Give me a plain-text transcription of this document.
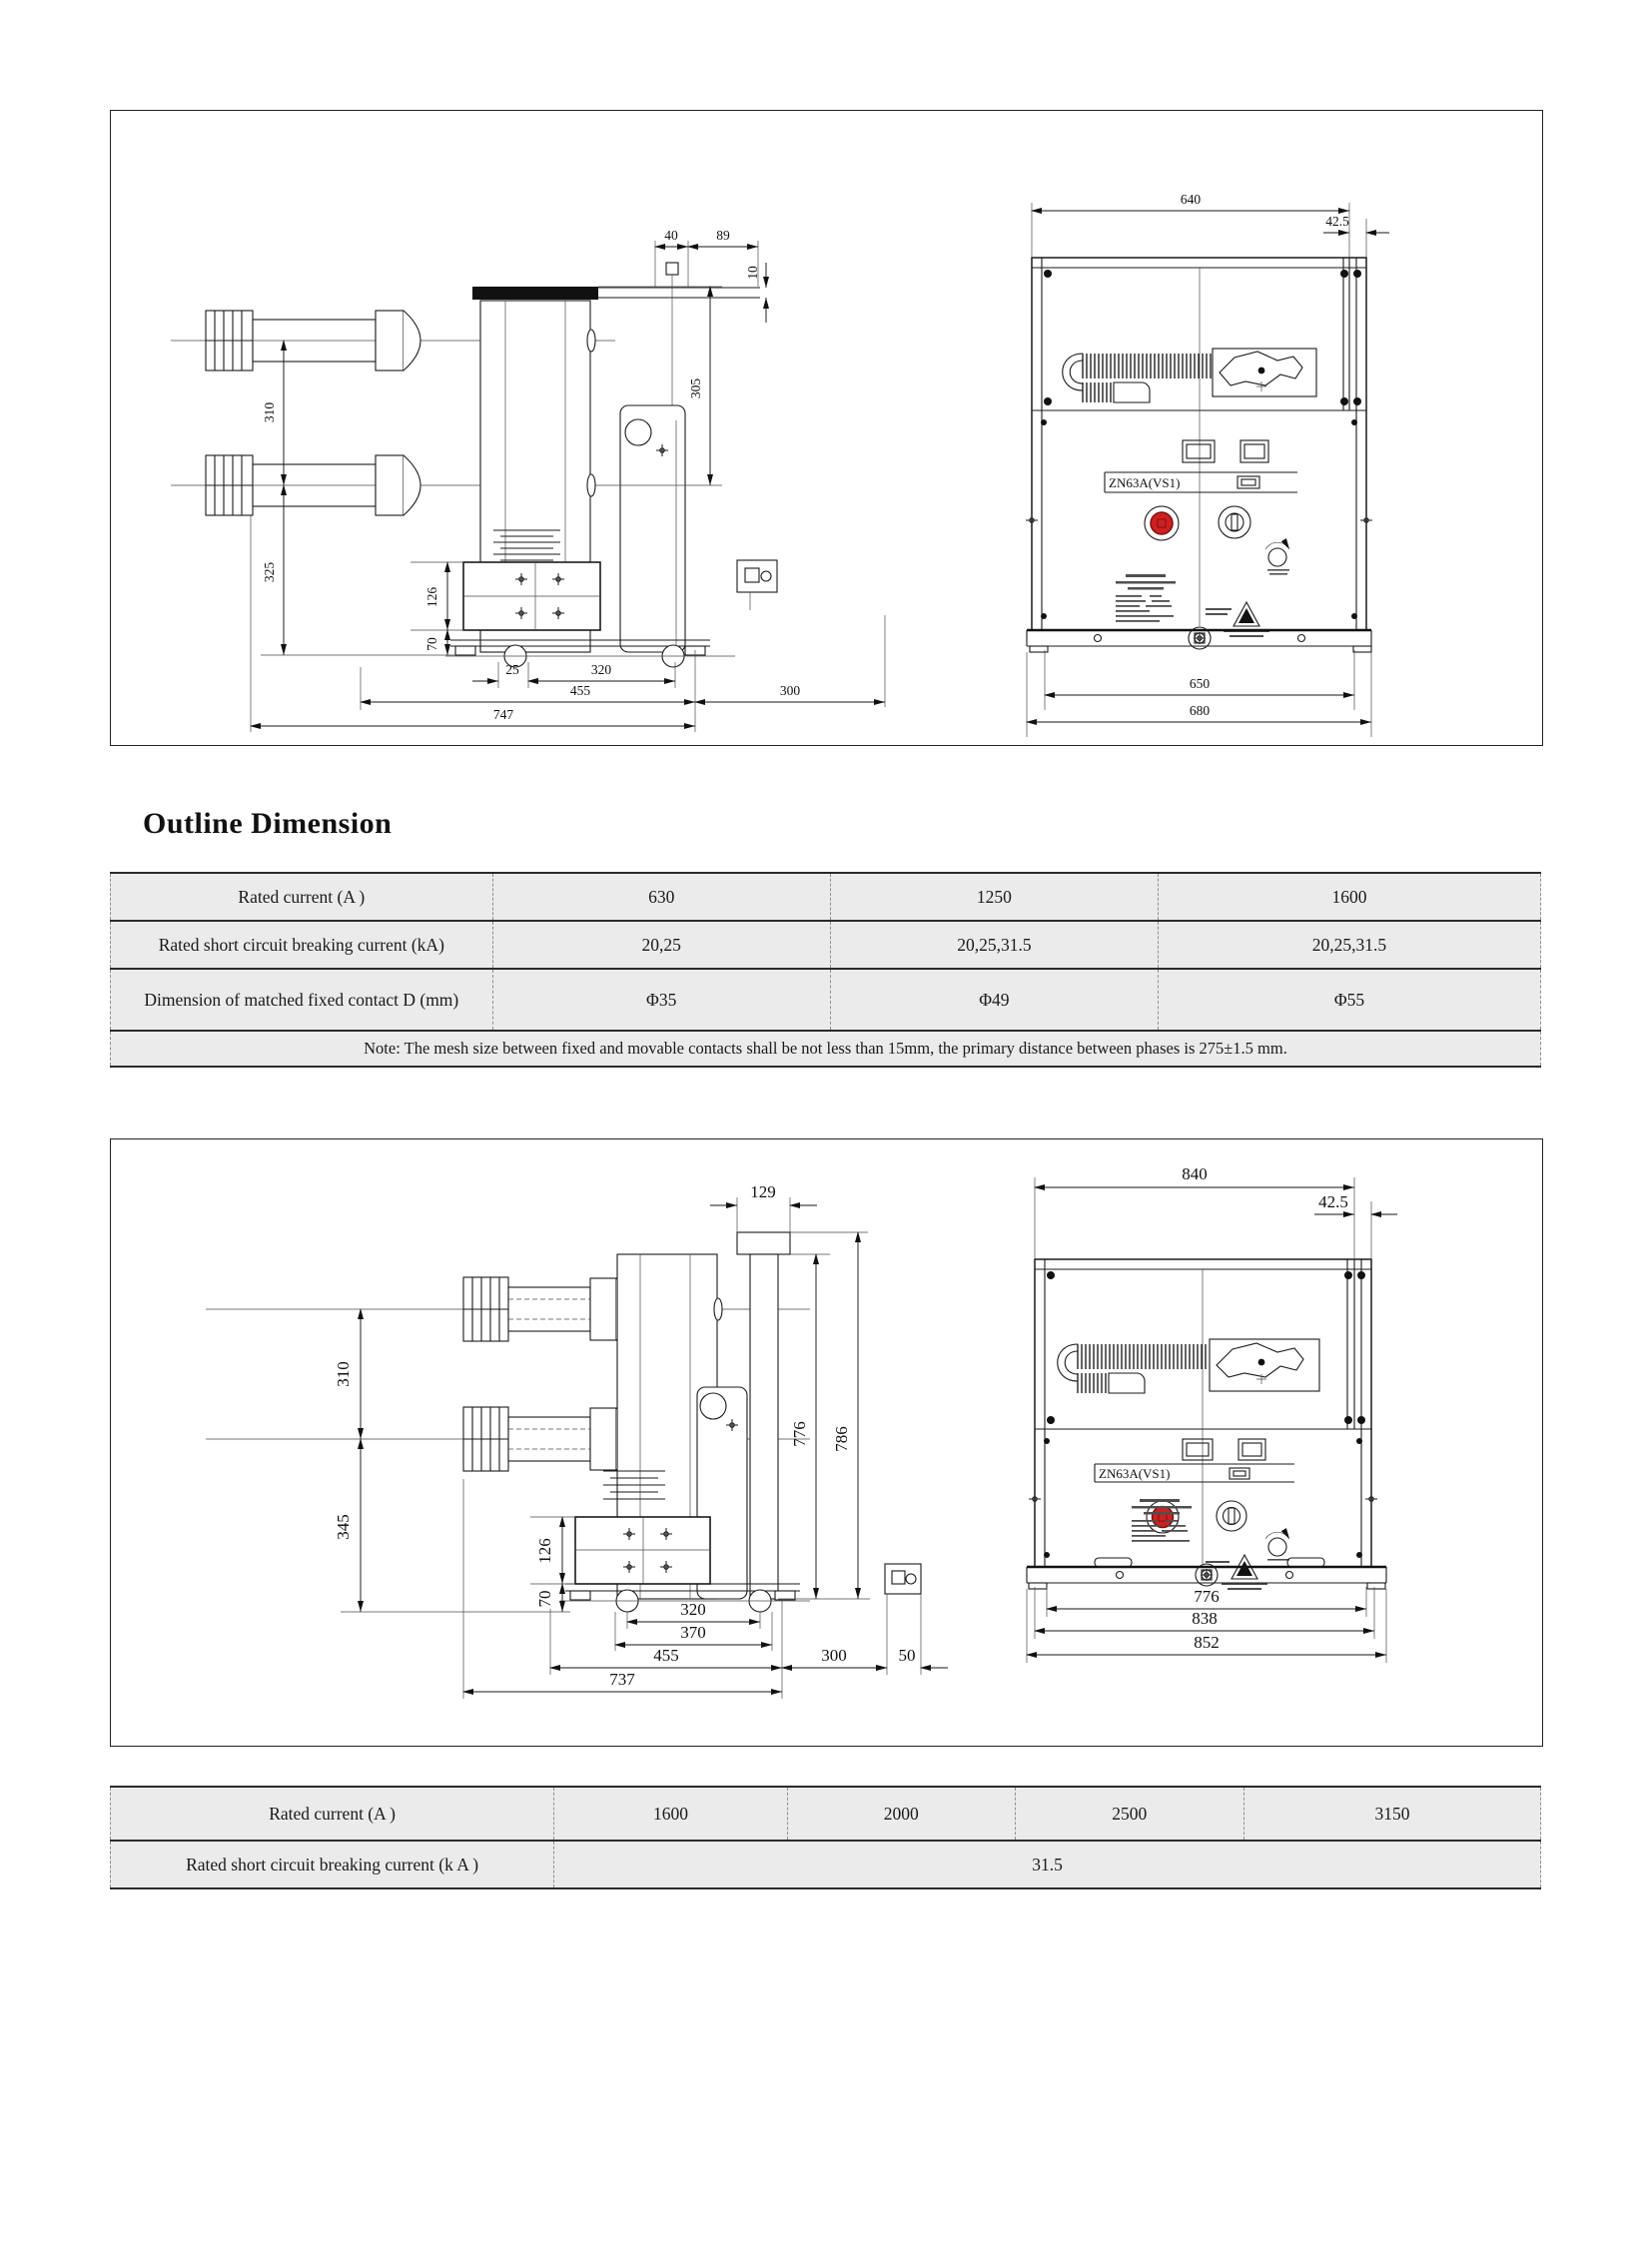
40	89
10
310
325
305
126
70
25	320
455	300
747
ZN63A(VS1)
640
42.5
650
680
Outline Dimension
Rated current (A )	630	1250	1600
Rated short circuit breaking current (kA)	20,25	20,25,31.5	20,25,31.5
Dimension of matched fixed contact D (mm)	Φ35	Φ49	Φ55
Note: The mesh size between fixed and movable contacts shall be not less than 15mm, the primary distance between phases is 275±1.5 mm.
129
776 786
310
345
126
70
320
370
455	300	50
737
ZN63A(VS1)
840
42.5
776
838
852
Rated current (A )	1600	2000	2500	3150
Rated short circuit breaking current (k A )	31.5
